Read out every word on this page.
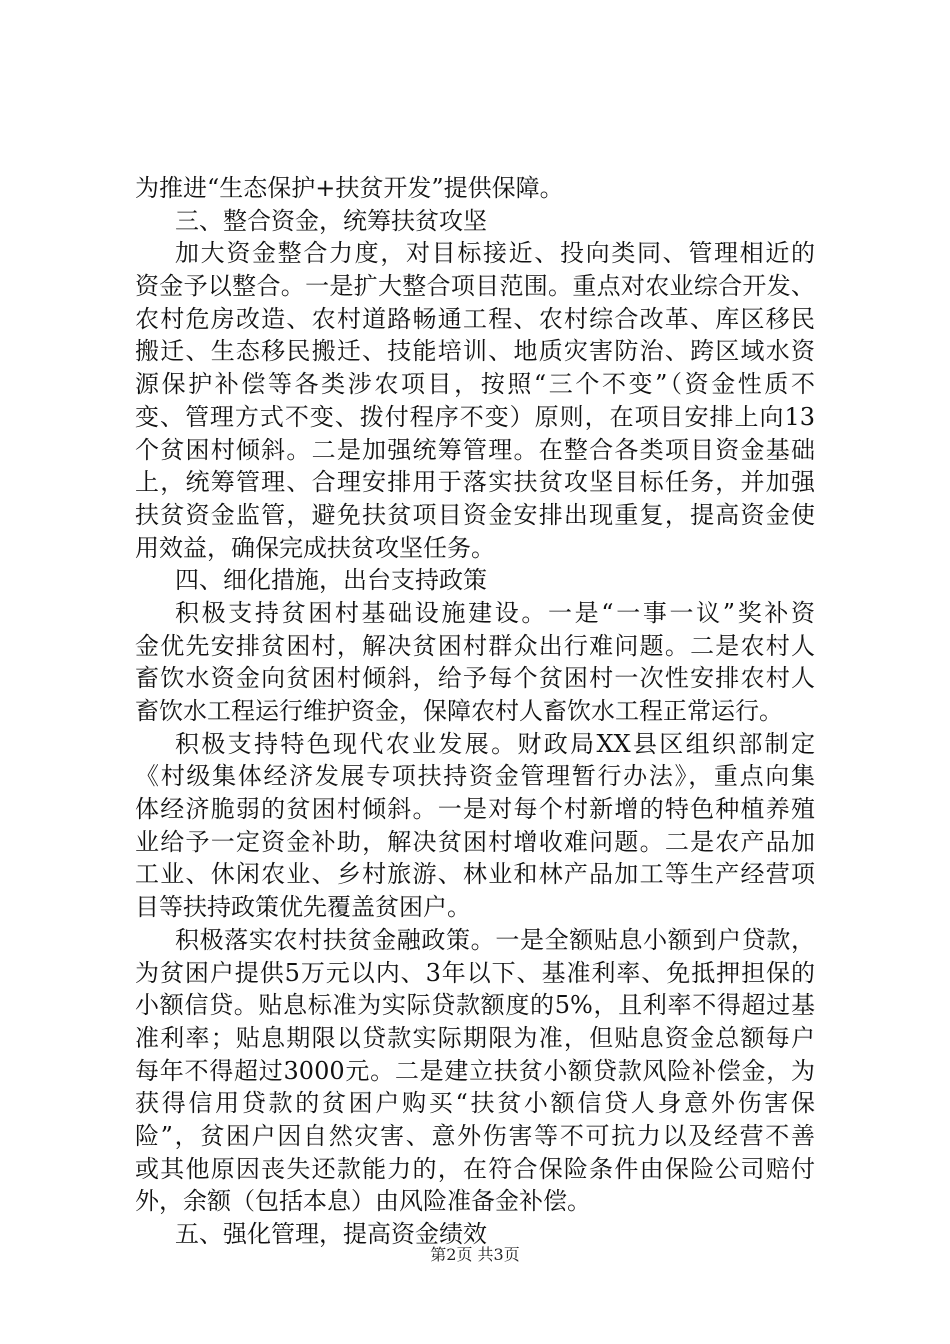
为推进“生态保护+扶贫开发”提供保障。
三、整合资金，统筹扶贫攻坚
加大资金整合力度，对目标接近、投向类同、管理相近的
资金予以整合。一是扩大整合项目范围。重点对农业综合开发、
农村危房改造、农村道路畅通工程、农村综合改革、库区移民
搬迁、生态移民搬迁、技能培训、地质灾害防治、跨区域水资
源保护补偿等各类涉农项目，按照“三个不变”（资金性质不
变、管理方式不变、拨付程序不变）原则，在项目安排上向13
个贫困村倾斜。二是加强统筹管理。在整合各类项目资金基础
上，统筹管理、合理安排用于落实扶贫攻坚目标任务，并加强
扶贫资金监管，避免扶贫项目资金安排出现重复，提高资金使
用效益，确保完成扶贫攻坚任务。
四、细化措施，出台支持政策
积极支持贫困村基础设施建设。一是“一事一议”奖补资
金优先安排贫困村，解决贫困村群众出行难问题。二是农村人
畜饮水资金向贫困村倾斜，给予每个贫困村一次性安排农村人
畜饮水工程运行维护资金，保障农村人畜饮水工程正常运行。
积极支持特色现代农业发展。财政局XX县区组织部制定
《村级集体经济发展专项扶持资金管理暂行办法》，重点向集
体经济脆弱的贫困村倾斜。一是对每个村新增的特色种植养殖
业给予一定资金补助，解决贫困村增收难问题。二是农产品加
工业、休闲农业、乡村旅游、林业和林产品加工等生产经营项
目等扶持政策优先覆盖贫困户。
积极落实农村扶贫金融政策。一是全额贴息小额到户贷款，
为贫困户提供5万元以内、3年以下、基准利率、免抵押担保的
小额信贷。贴息标准为实际贷款额度的5%，且利率不得超过基
准利率；贴息期限以贷款实际期限为准，但贴息资金总额每户
每年不得超过3000元。二是建立扶贫小额贷款风险补偿金，为
获得信用贷款的贫困户购买“扶贫小额信贷人身意外伤害保
险”，贫困户因自然灾害、意外伤害等不可抗力以及经营不善
或其他原因丧失还款能力的，在符合保险条件由保险公司赔付
外，余额（包括本息）由风险准备金补偿。
五、强化管理，提高资金绩效
第2页 共3页
